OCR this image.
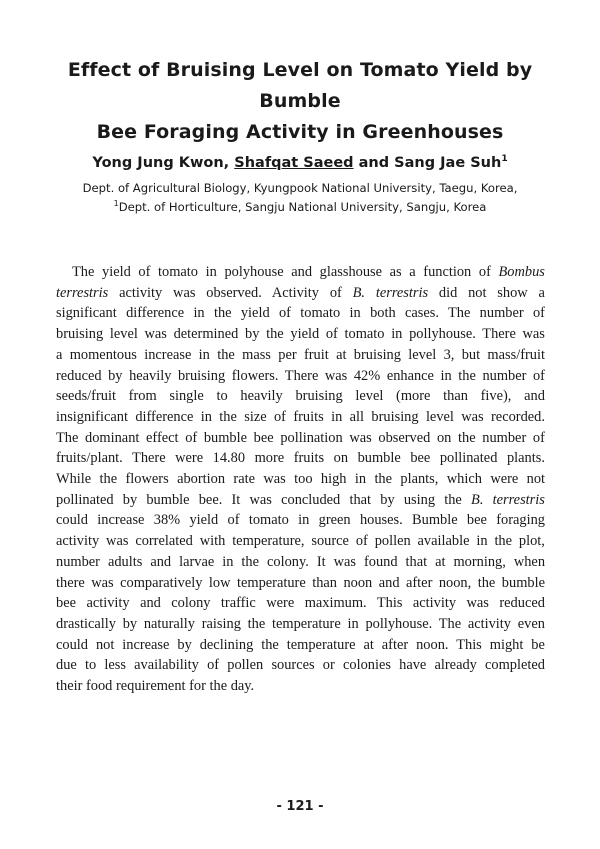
Effect of Bruising Level on Tomato Yield by Bumble
Bee Foraging Activity in Greenhouses
Yong Jung Kwon, Shafqat Saeed and Sang Jae Suh$^1$
Dept. of Agricultural Biology, Kyungpook National University, Taegu, Korea,
$^1$Dept. of Horticulture, Sangju National University, Sangju, Korea
The yield of tomato in polyhouse and glasshouse as a function of Bombus
terrestris activity was observed. Activity of B. terrestris did not show a
significant difference in the yield of tomato in both cases. The number of
bruising level was determined by the yield of tomato in pollyhouse. There was
a momentous increase in the mass per fruit at bruising level 3, but mass/fruit
reduced by heavily bruising flowers. There was 42% enhance in the number of
seeds/fruit from single to heavily bruising level (more than five), and
insignificant difference in the size of fruits in all bruising level was recorded.
The dominant effect of bumble bee pollination was observed on the number of
fruits/plant. There were 14.80 more fruits on bumble bee pollinated plants.
While the flowers abortion rate was too high in the plants, which were not
pollinated by bumble bee. It was concluded that by using the B. terrestris
could increase 38% yield of tomato in green houses. Bumble bee foraging
activity was correlated with temperature, source of pollen available in the plot,
number adults and larvae in the colony. It was found that at morning, when
there was comparatively low temperature than noon and after noon, the bumble
bee activity and colony traffic were maximum. This activity was reduced
drastically by naturally raising the temperature in pollyhouse. The activity even
could not increase by declining the temperature at after noon. This might be
due to less availability of pollen sources or colonies have already completed
their food requirement for the day.
- 121 -
